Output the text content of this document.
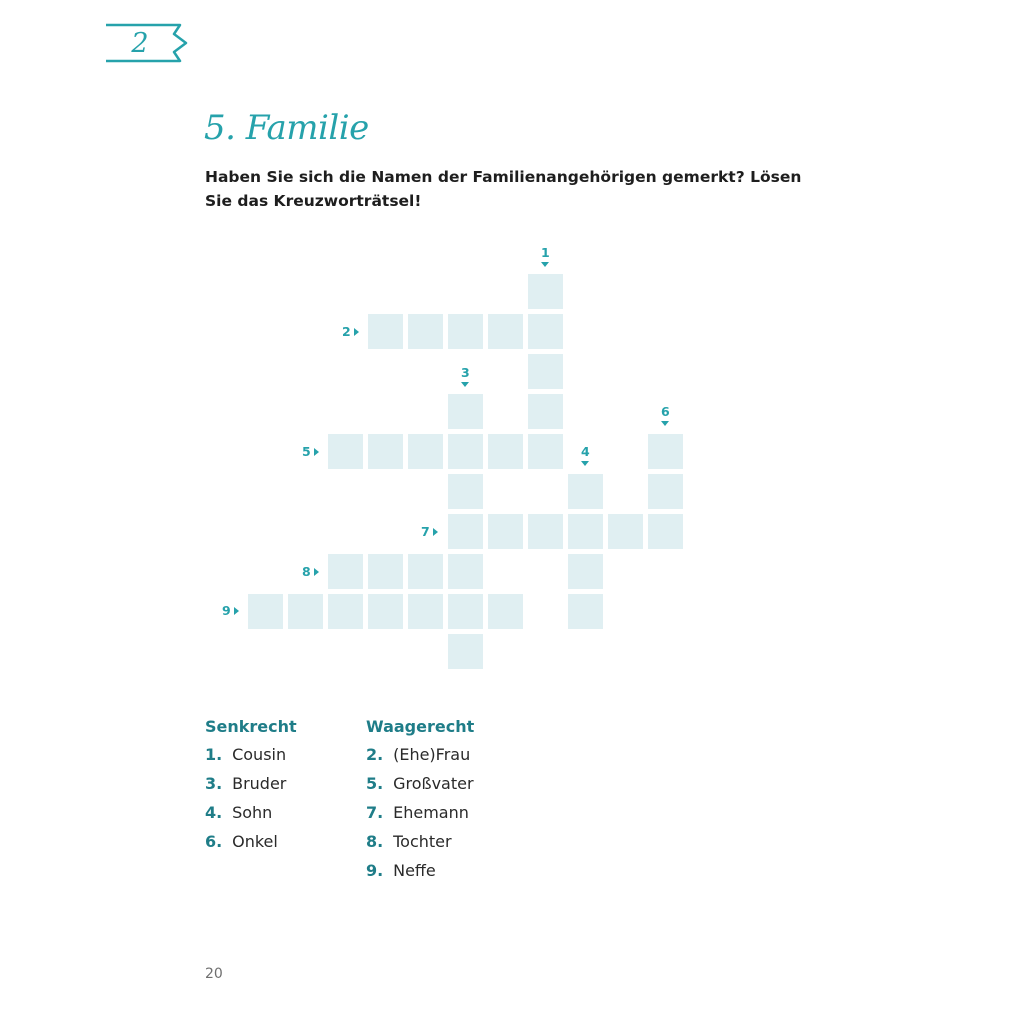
2
5. Familie

Haben Sie sich die Namen der Familienangehörigen gemerkt? Lösen Sie das Kreuzworträtsel!

1
2
3
4
5
6
7
8
9
Senkrecht
1. Cousin
3. Bruder
4. Sohn
6. Onkel
Waagerecht
2. (Ehe)Frau
5. Großvater
7. Ehemann
8. Tochter
9. Neffe
20
